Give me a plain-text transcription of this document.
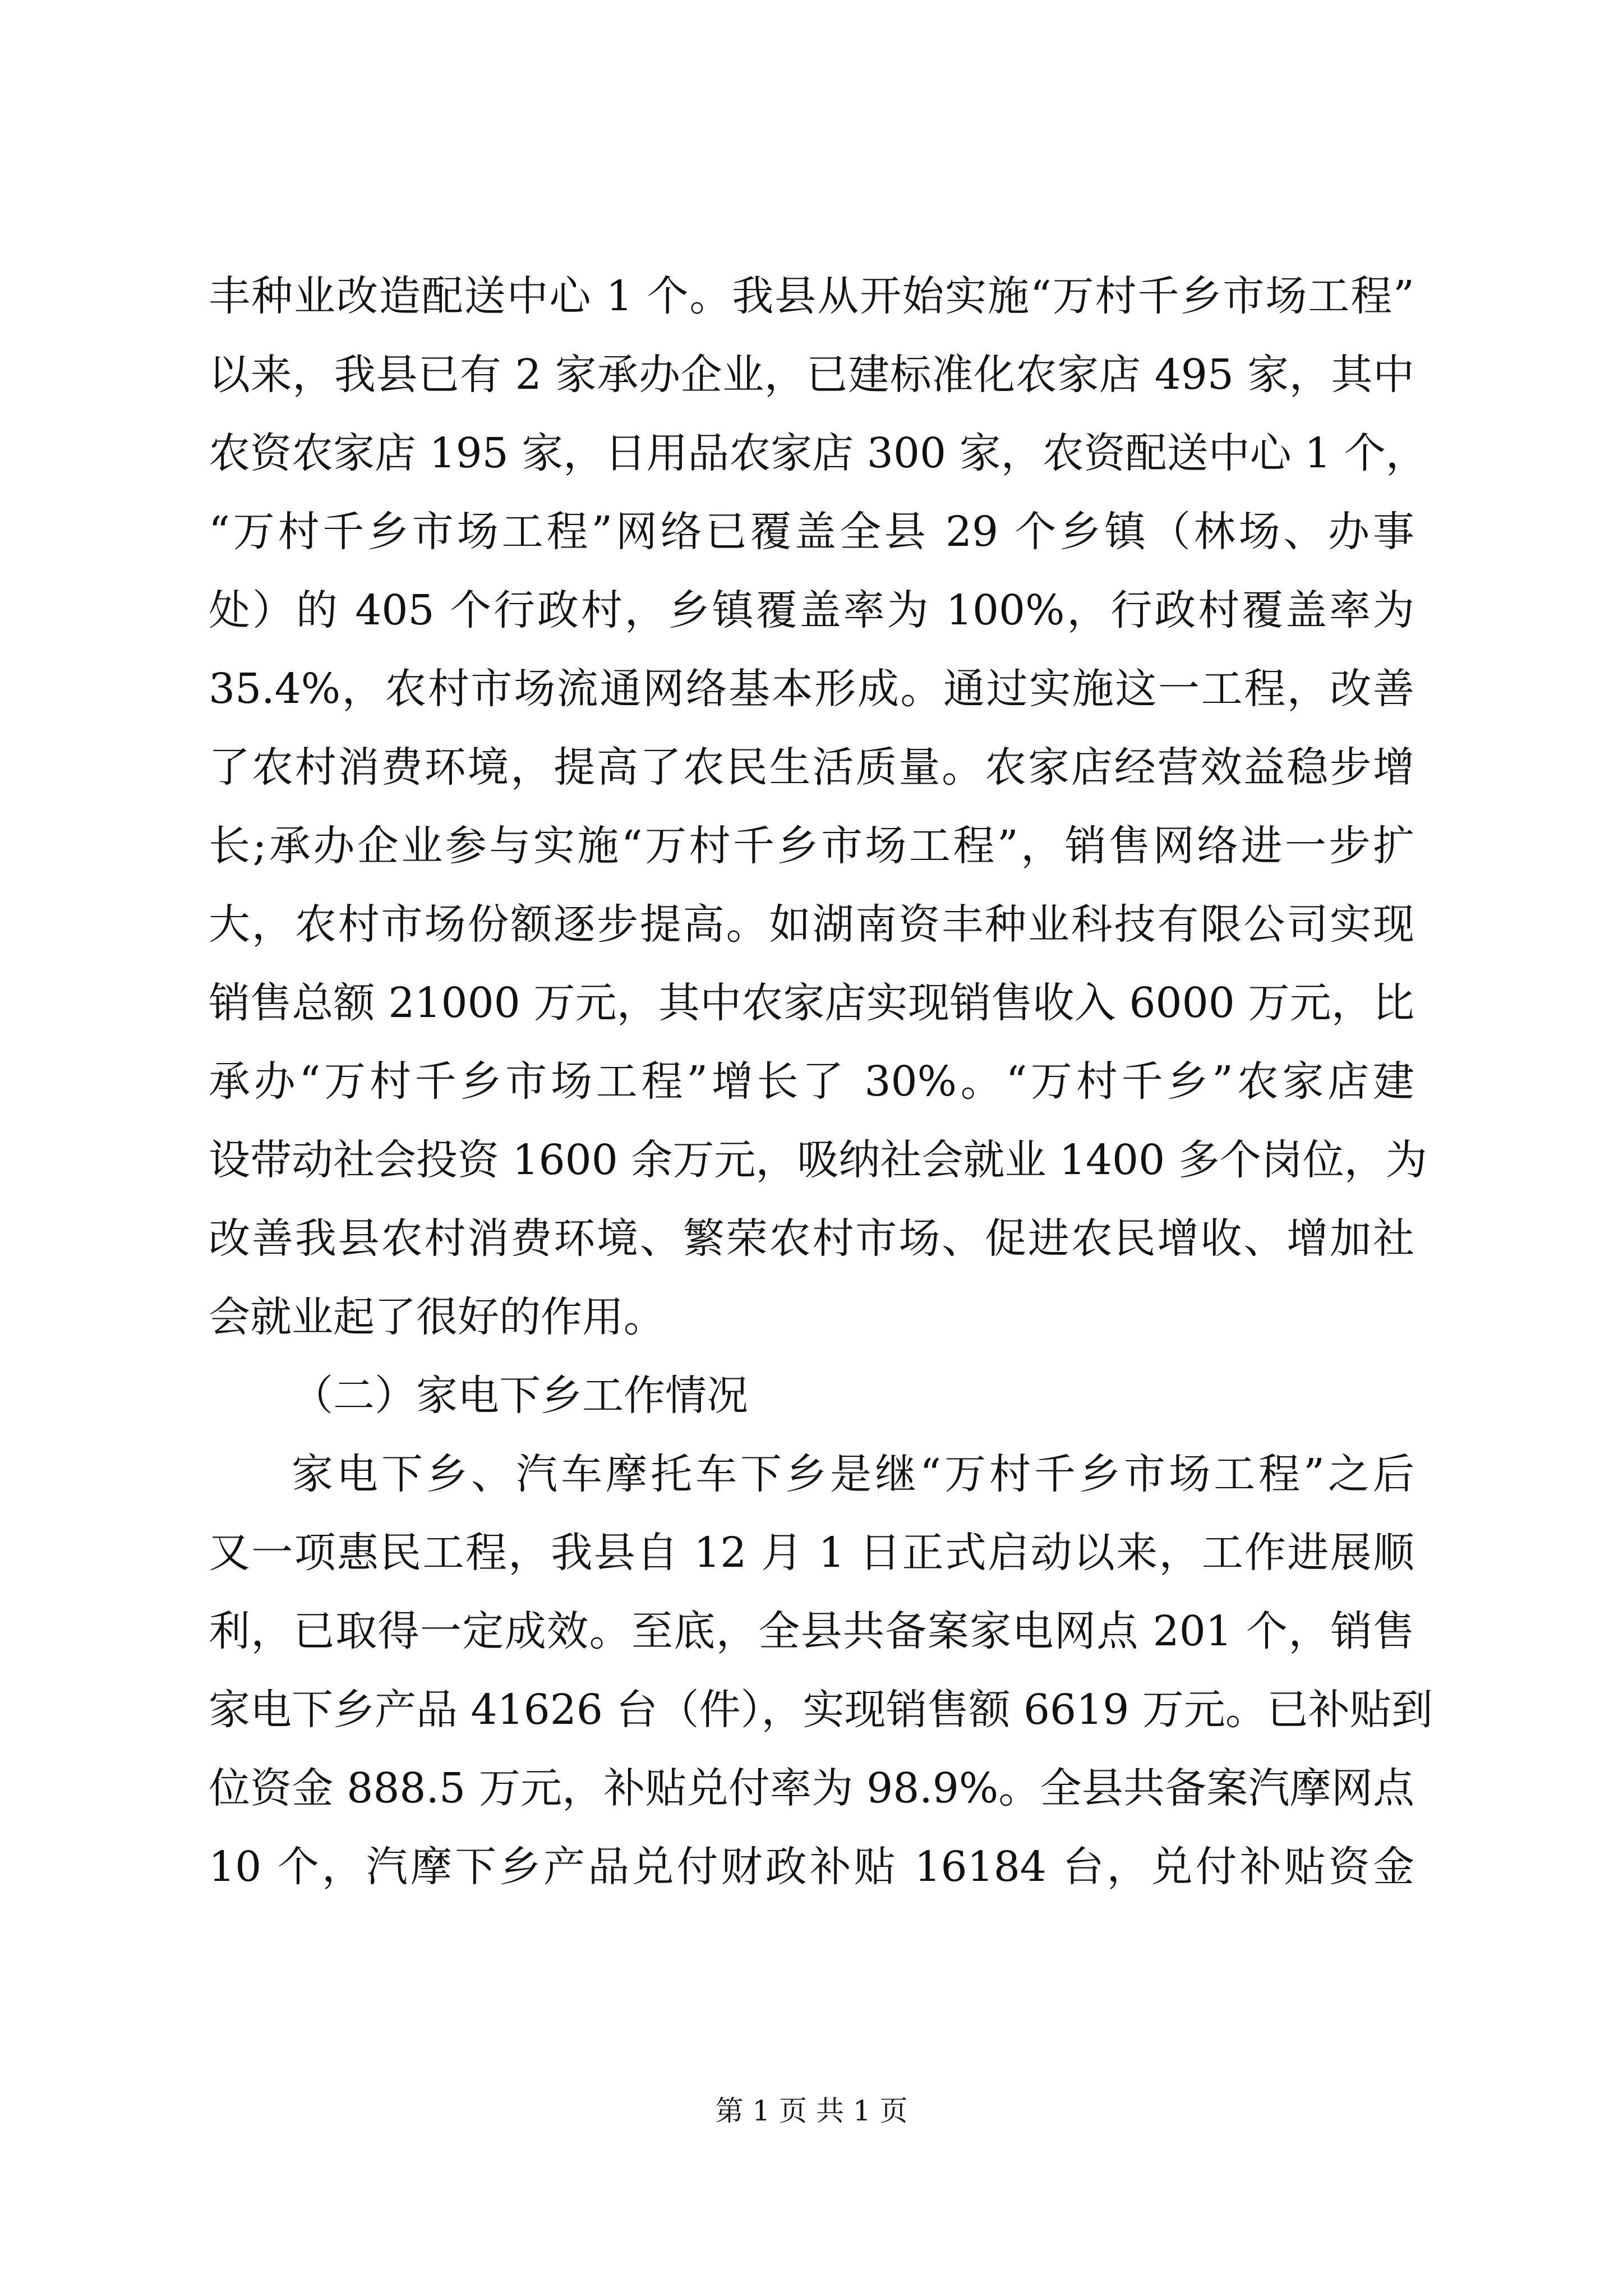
丰种业改造配送中心 1 个。我县从开始实施“万村千乡市场工程”
以来，我县已有 2 家承办企业，已建标准化农家店 495 家，其中
农资农家店 195 家，日用品农家店 300 家，农资配送中心 1 个，
“万村千乡市场工程”网络已覆盖全县 29 个乡镇（林场、办事
处）的 405 个行政村，乡镇覆盖率为 100%，行政村覆盖率为
35.4%，农村市场流通网络基本形成。通过实施这一工程，改善
了农村消费环境，提高了农民生活质量。农家店经营效益稳步增
长;承办企业参与实施“万村千乡市场工程”，销售网络进一步扩
大，农村市场份额逐步提高。如湖南资丰种业科技有限公司实现
销售总额 21000 万元，其中农家店实现销售收入 6000 万元，比
承办“万村千乡市场工程”增长了 30%。“万村千乡”农家店建
设带动社会投资 1600 余万元，吸纳社会就业 1400 多个岗位，为
改善我县农村消费环境、繁荣农村市场、促进农民增收、增加社
会就业起了很好的作用。
（二）家电下乡工作情况
家电下乡、汽车摩托车下乡是继“万村千乡市场工程”之后
又一项惠民工程，我县自 12 月 1 日正式启动以来，工作进展顺
利，已取得一定成效。至底，全县共备案家电网点 201 个，销售
家电下乡产品 41626 台（件），实现销售额 6619 万元。已补贴到
位资金 888.5 万元，补贴兑付率为 98.9%。全县共备案汽摩网点
10 个，汽摩下乡产品兑付财政补贴 16184 台，兑付补贴资金
第 1 页 共 1 页
